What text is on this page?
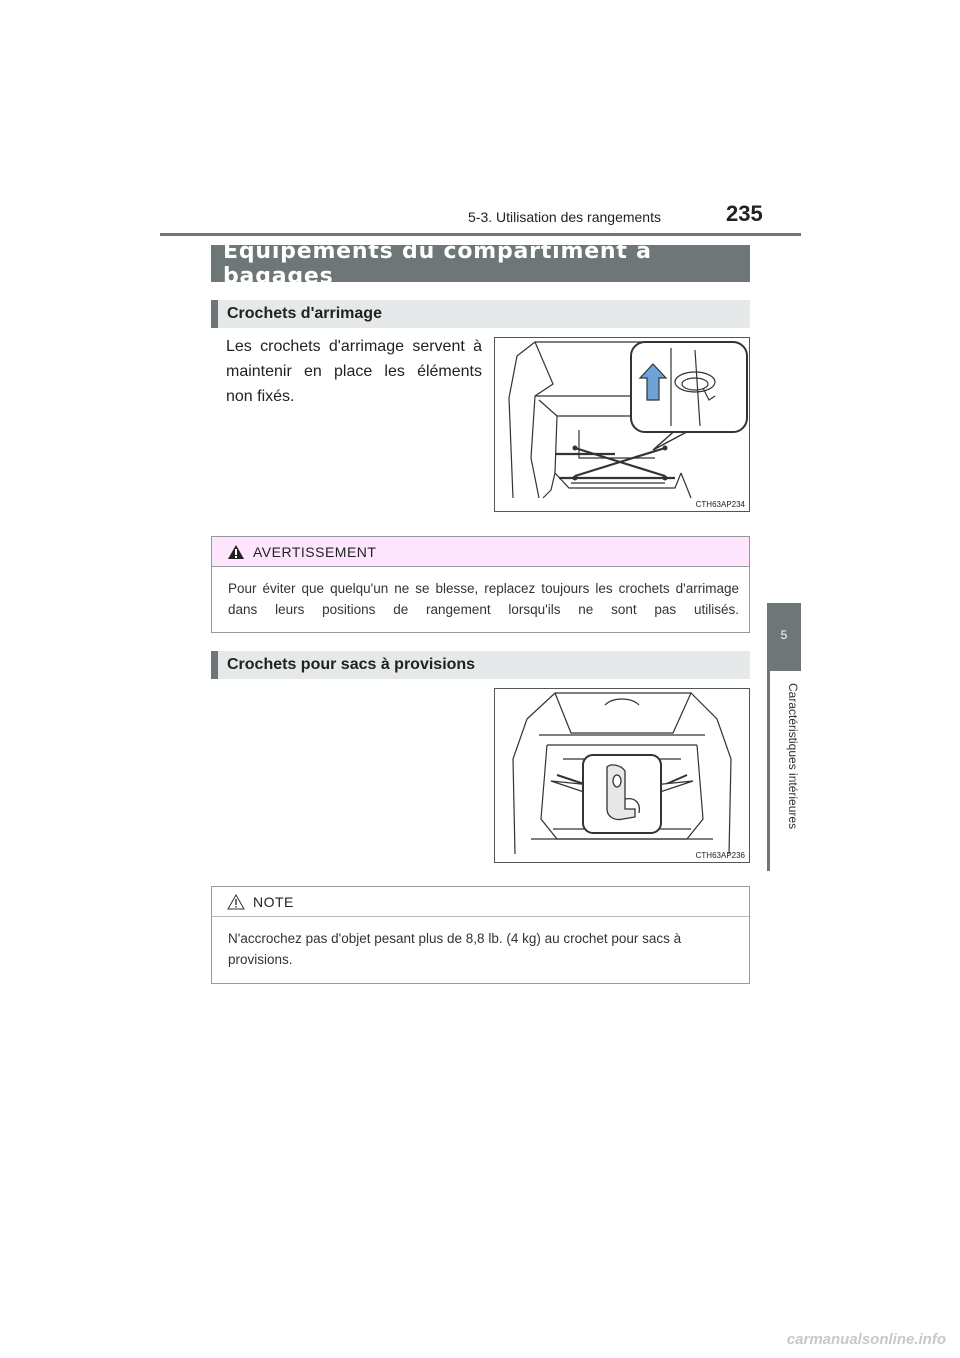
5-3. Utilisation des rangements	235
5
Caractéristiques intérieures
Équipements du compartiment à bagages
Crochets d'arrimage
Les crochets d'arrimage servent à maintenir en place les éléments non fixés.
CTH63AP234
AVERTISSEMENT
Pour éviter que quelqu'un ne se blesse, replacez toujours les crochets d'arrimage dans leurs positions de rangement lorsqu'ils ne sont pas utilisés.
Crochets pour sacs à provisions
CTH63AP236
NOTE
N'accrochez pas d'objet pesant plus de 8,8 lb. (4 kg) au crochet pour sacs à provisions.
carmanualsonline.info
